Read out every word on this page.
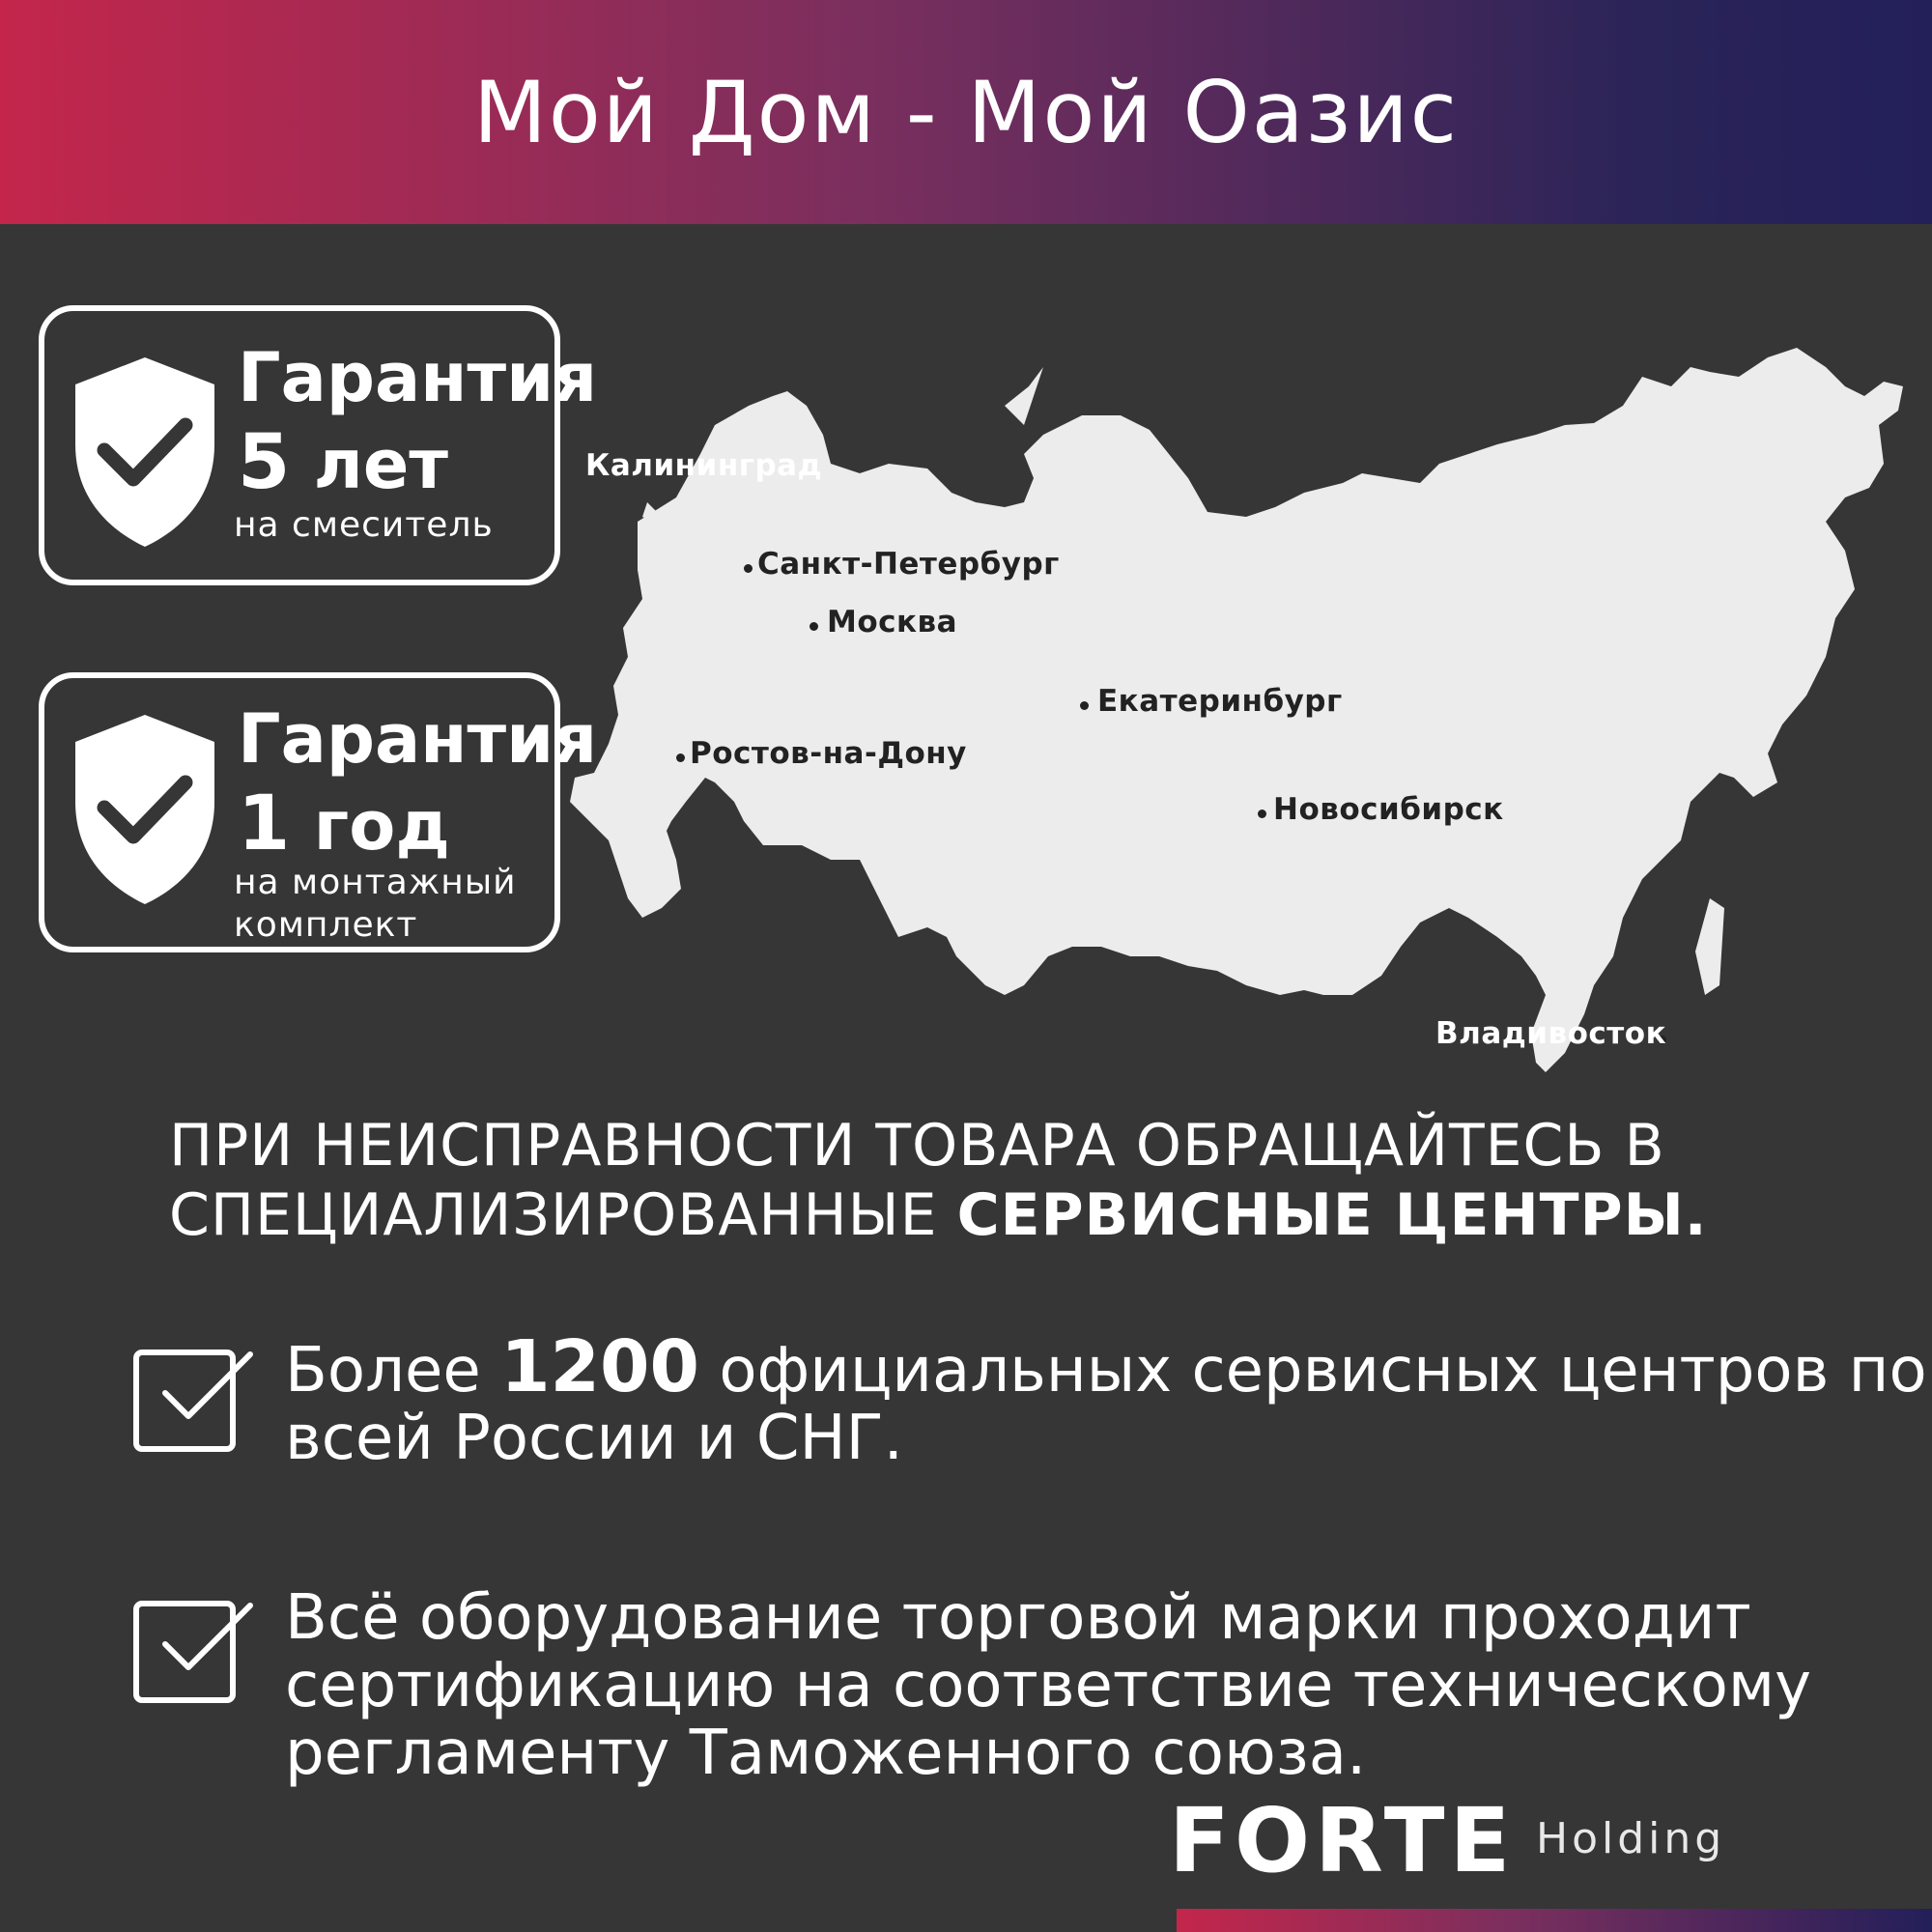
Мой Дом - Мой Оазис
Гарантия
5 лет
на смеситель
Гарантия
1 год
на монтажный
комплект
Калининград
Санкт-Петербург
Москва
Ростов-на-Дону
Екатеринбург
Новосибирск
Владивосток
ПРИ НЕИСПРАВНОСТИ ТОВАРА ОБРАЩАЙТЕСЬ В
СПЕЦИАЛИЗИРОВАННЫЕ СЕРВИСНЫЕ ЦЕНТРЫ.
Более 1200 официальных сервисных центров по всей России и СНГ.
Всё оборудование торговой марки проходит сертификацию на соответствие техническому регламенту Таможенного союза.
FORTE Holding
